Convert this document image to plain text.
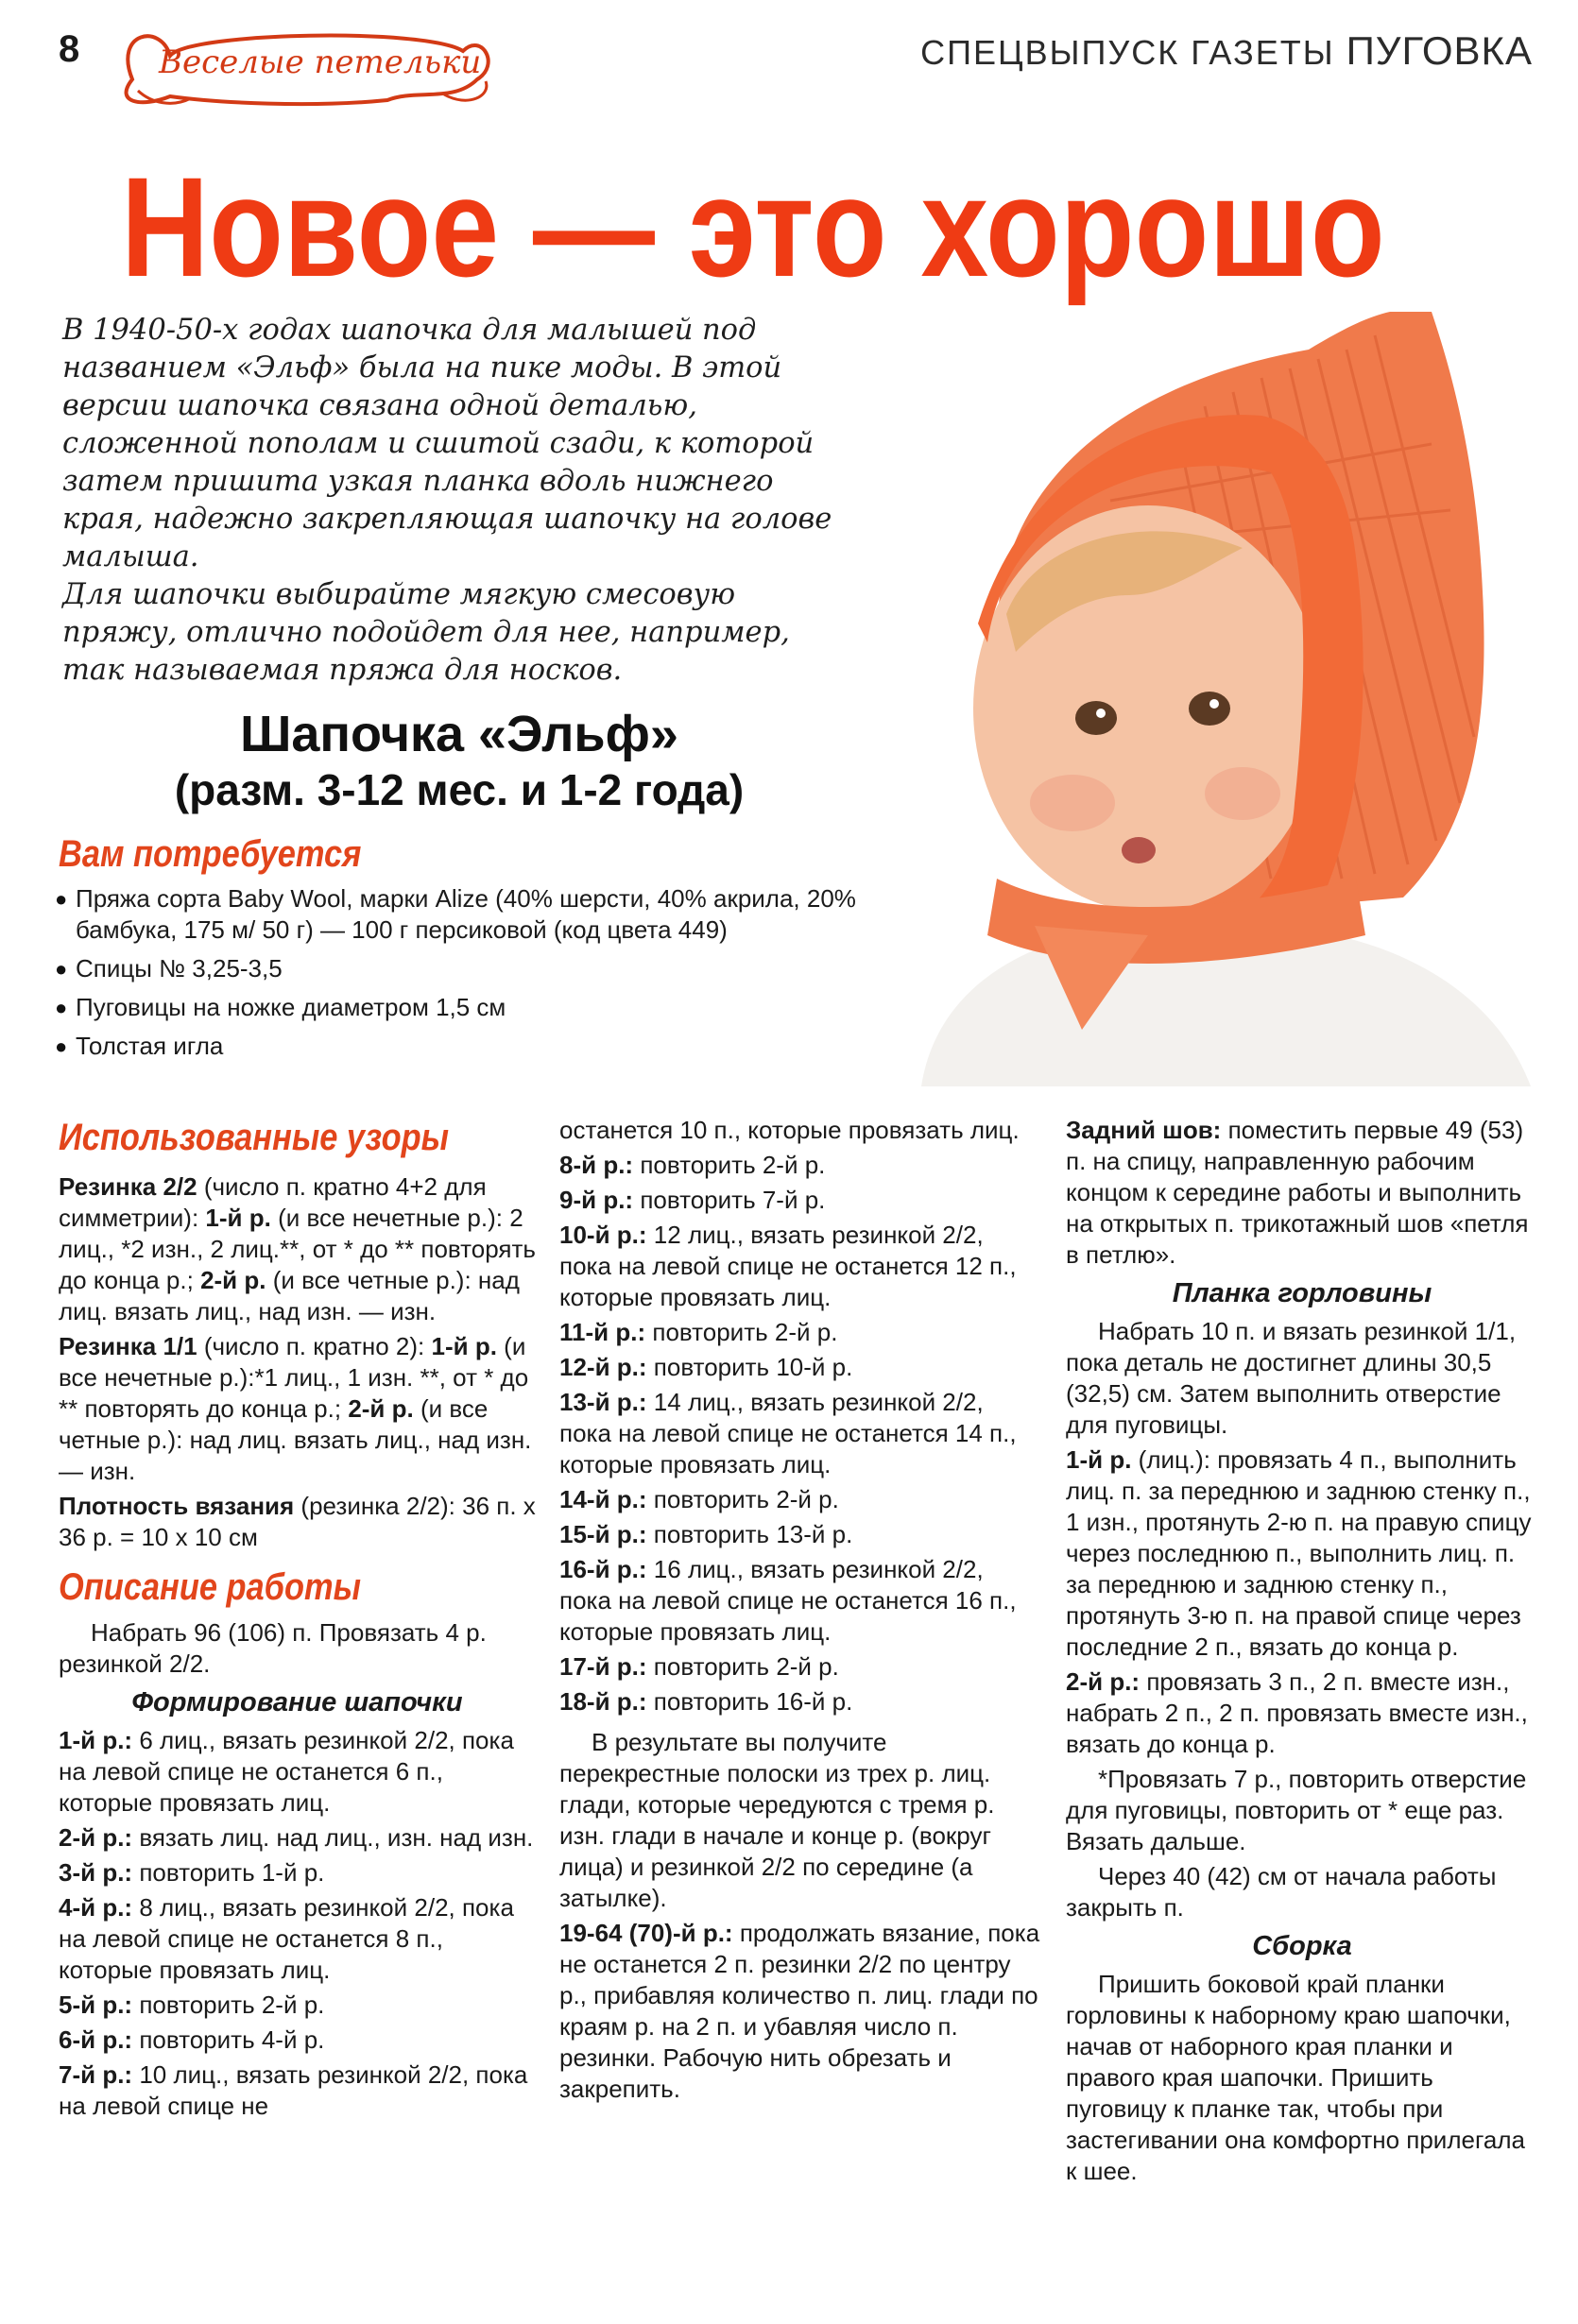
8 Веселые петельки	СПЕЦВЫПУСК ГАЗЕТЫ ПУГОВКА
Новое — это хорошо

В 1940-50-х годах шапочка для малышей под названием «Эльф» была на пике моды. В этой версии шапочка связана одной деталью, сложенной пополам и сшитой сзади, к которой затем пришита узкая планка вдоль нижнего края, надежно закрепляющая шапочку на голове малыша.

Для шапочки выбирайте мягкую смесовую пряжу, отлично подойдет для нее, например, так называемая пряжа для носков.

Шапочка «Эльф»
(разм. 3-12 мес. и 1-2 года)
Вам потребуется
● Пряжа сорта Baby Wool, марки Alize (40% шерсти, 40% акрила, 20% бамбука, 175 м/ 50 г) — 100 г персиковой (код цвета 449)
● Спицы № 3,25-3,5
● Пуговицы на ножке диаметром 1,5 см
● Толстая игла
Использованные узоры

Резинка 2/2 (число п. кратно 4+2 для симметрии): 1-й р. (и все нечетные р.): 2 лиц., *2 изн., 2 лиц.**, от * до ** повторять до конца р.; 2-й р. (и все четные р.): над лиц. вязать лиц., над изн. — изн.

Резинка 1/1 (число п. кратно 2): 1-й р. (и все нечетные р.):*1 лиц., 1 изн. **, от * до ** повторять до конца р.; 2-й р. (и все четные р.): над лиц. вязать лиц., над изн. — изн.

Плотность вязания (резинка 2/2): 36 п. х 36 р. = 10 х 10 см

Описание работы

Набрать 96 (106) п. Провязать 4 р. резинкой 2/2.

Формирование шапочки

1-й р.: 6 лиц., вязать резинкой 2/2, пока на левой спице не останется 6 п., которые провязать лиц.

2-й р.: вязать лиц. над лиц., изн. над изн.

3-й р.: повторить 1-й р.

4-й р.: 8 лиц., вязать резинкой 2/2, пока на левой спице не останется 8 п., которые провязать лиц.

5-й р.: повторить 2-й р.

6-й р.: повторить 4-й р.

7-й р.: 10 лиц., вязать резинкой 2/2, пока на левой спице не

останется 10 п., которые провязать лиц.

8-й р.: повторить 2-й р.

9-й р.: повторить 7-й р.

10-й р.: 12 лиц., вязать резинкой 2/2, пока на левой спице не останется 12 п., которые провязать лиц.

11-й р.: повторить 2-й р.

12-й р.: повторить 10-й р.

13-й р.: 14 лиц., вязать резинкой 2/2, пока на левой спице не останется 14 п., которые провязать лиц.

14-й р.: повторить 2-й р.

15-й р.: повторить 13-й р.

16-й р.: 16 лиц., вязать резинкой 2/2, пока на левой спице не останется 16 п., которые провязать лиц.

17-й р.: повторить 2-й р.

18-й р.: повторить 16-й р.

В результате вы получите перекрестные полоски из трех р. лиц. глади, которые чередуются с тремя р. изн. глади в начале и конце р. (вокруг лица) и резинкой 2/2 по середине (а затылке).

19-64 (70)-й р.: продолжать вязание, пока не останется 2 п. резинки 2/2 по центру р., прибавляя количество п. лиц. глади по краям р. на 2 п. и убавляя число п. резинки. Рабочую нить обрезать и закрепить.

Задний шов: поместить первые 49 (53) п. на спицу, направленную рабочим концом к середине работы и выполнить на открытых п. трикотажный шов «петля в петлю».

Планка горловины

Набрать 10 п. и вязать резинкой 1/1, пока деталь не достигнет длины 30,5 (32,5) см. Затем выполнить отверстие для пуговицы.

1-й р. (лиц.): провязать 4 п., выполнить лиц. п. за переднюю и заднюю стенку п., 1 изн., протянуть 2-ю п. на правую спицу через последнюю п., выполнить лиц. п. за переднюю и заднюю стенку п., протянуть 3-ю п. на правой спице через последние 2 п., вязать до конца р.

2-й р.: провязать 3 п., 2 п. вместе изн., набрать 2 п., 2 п. провязать вместе изн., вязать до конца р.

*Провязать 7 р., повторить отверстие для пуговицы, повторить от * еще раз. Вязать дальше.

Через 40 (42) см от начала работы закрыть п.

Сборка

Пришить боковой край планки горловины к наборному краю шапочки, начав от наборного края планки и правого края шапочки. Пришить пуговицу к планке так, чтобы при застегивании она комфортно прилегала к шее.
